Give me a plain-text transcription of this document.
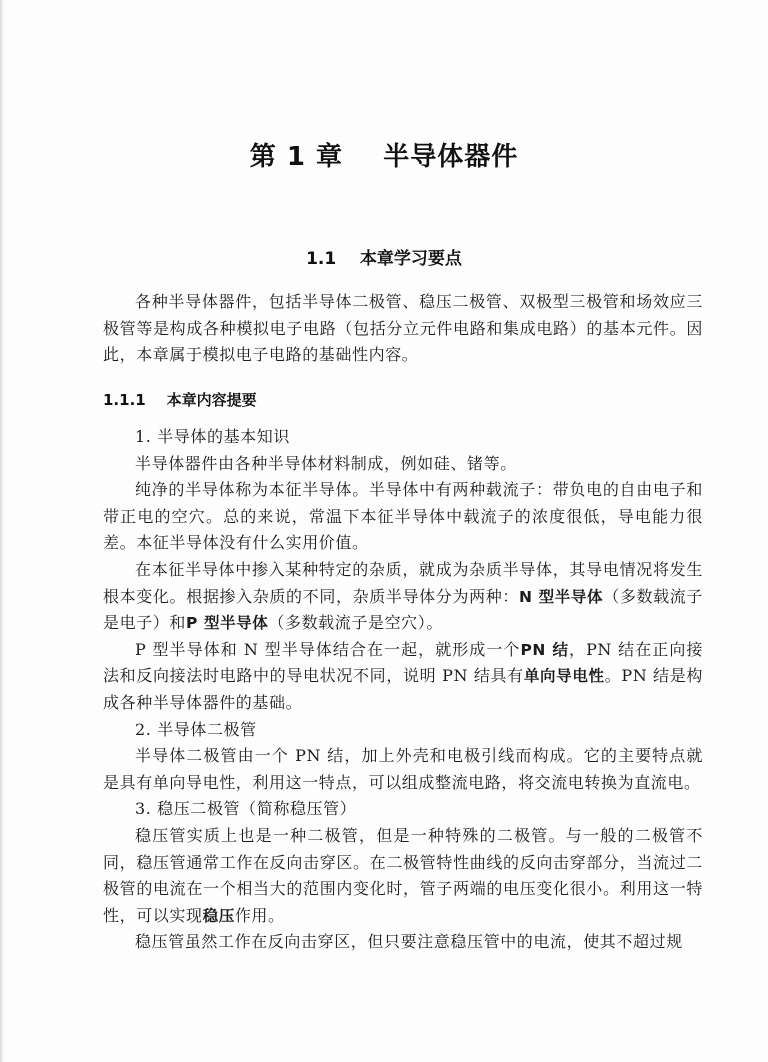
第 1 章    半导体器件
1.1    本章学习要点

各种半导体器件，包括半导体二极管、稳压二极管、双极型三极管和场效应三极管等是构成各种模拟电子电路（包括分立元件电路和集成电路）的基本元件。因此，本章属于模拟电子电路的基础性内容。

1.1.1    本章内容提要

1. 半导体的基本知识

半导体器件由各种半导体材料制成，例如硅、锗等。

纯净的半导体称为本征半导体。半导体中有两种载流子：带负电的自由电子和带正电的空穴。总的来说，常温下本征半导体中载流子的浓度很低，导电能力很差。本征半导体没有什么实用价值。

在本征半导体中掺入某种特定的杂质，就成为杂质半导体，其导电情况将发生根本变化。根据掺入杂质的不同，杂质半导体分为两种：N 型半导体（多数载流子是电子）和P 型半导体（多数载流子是空穴）。

P 型半导体和 N 型半导体结合在一起，就形成一个PN 结，PN 结在正向接法和反向接法时电路中的导电状况不同，说明 PN 结具有单向导电性。PN 结是构成各种半导体器件的基础。

2. 半导体二极管

半导体二极管由一个 PN 结，加上外壳和电极引线而构成。它的主要特点就是具有单向导电性，利用这一特点，可以组成整流电路，将交流电转换为直流电。

3. 稳压二极管（简称稳压管）

稳压管实质上也是一种二极管，但是一种特殊的二极管。与一般的二极管不同，稳压管通常工作在反向击穿区。在二极管特性曲线的反向击穿部分，当流过二极管的电流在一个相当大的范围内变化时，管子两端的电压变化很小。利用这一特性，可以实现稳压作用。

稳压管虽然工作在反向击穿区，但只要注意稳压管中的电流，使其不超过规
